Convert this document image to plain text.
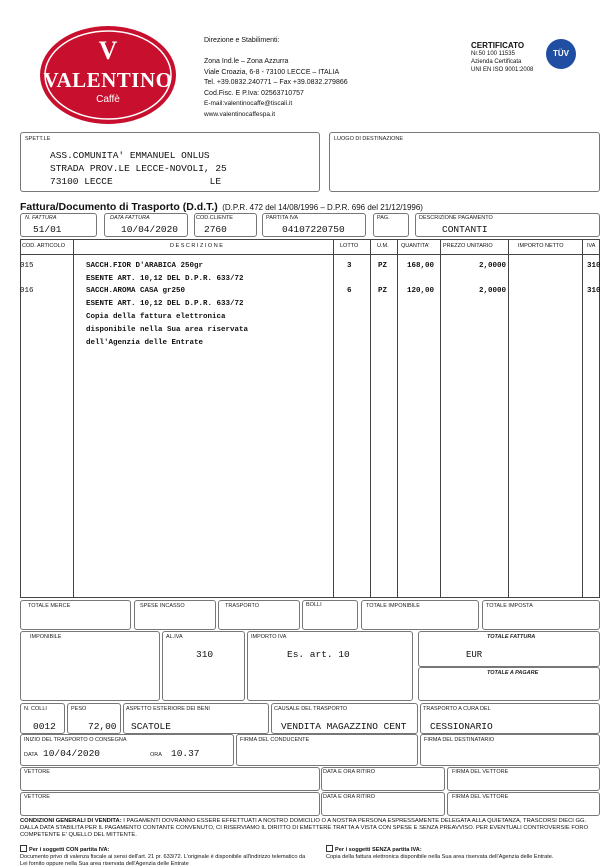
V
VALENTINO
Caffè
Direzione e Stabilimenti:
Zona Ind.le – Zona Azzurra
Viale Croazia, 6-8 - 73100 LECCE – ITALIA
Tel. +39.0832.240771 – Fax +39.0832.279866
Cod.Fisc. E P.Iva: 02563710757
E-mail:valentinocaffe@tiscali.it
www.valentinocaffespa.it
CERTIFICATO
Nr.50 100 11535
Azienda Certificata
UNI EN ISO 9001:2008
TÜV
SPETT.LE
ASS.COMUNITA' EMMANUEL ONLUS
STRADA PROV.LE LECCE-NOVOLI, 25
73100 LECCE                 LE
LUOGO DI DESTINAZIONE
Fattura/Documento di Trasporto (D.d.T.) (D.P.R. 472 del 14/08/1996 – D.P.R. 696 del 21/12/1996)
N. FATTURA
51/01
DATA FATTURA
10/04/2020
COD.CLIENTE
2760
PARTITA IVA
04107220750
PAG.	DESCRIZIONE PAGAMENTO
CONTANTI
COD. ARTICOLO	D E S C R I Z I O N E	LOTTO	U.M. QUANTITA' PREZZO UNITARIO	IMPORTO NETTO	IVA
015	SACCH.FIOR D'ARABICA 250gr	3	PZ	168,00	2,0000	310
ESENTE ART. 10,12 DEL D.P.R. 633/72
016	SACCH.AROMA CASA gr250	6	PZ	120,00	2,0000	310
ESENTE ART. 10,12 DEL D.P.R. 633/72
Copia della fattura elettronica
disponibile nella Sua area riservata
dell'Agenzia delle Entrate
TOTALE MERCE	SPESE INCASSO	TRASPORTO	BOLLI	TOTALE IMPONIBILE	TOTALE IMPOSTA
IMPONIBILE	AL.IVA
310
IMPORTO IVA
Es. art. 10
TOTALE FATTURA
EUR
TOTALE A PAGARE
N. COLLI
0012
PESO
72,00
ASPETTO ESTERIORE DEI BENI
SCATOLE
CAUSALE DEL TRASPORTO
VENDITA MAGAZZINO CENT
TRASPORTO A CURA DEL
CESSIONARIO
INIZIO DEL TRASPORTO O CONSEGNA
DATA 10/04/2020	ORA 10.37
FIRMA DEL CONDUCENTE	FIRMA DEL DESTINATARIO
VETTORE	DATA E ORA RITIRO	FIRMA DEL VETTORE
VETTORE	DATA E ORA RITIRO	FIRMA DEL VETTORE
CONDIZIONI GENERALI DI VENDITA: I PAGAMENTI DOVRANNO ESSERE EFFETTUATI A NOSTRO DOMICILIO O A NOSTRA PERSONA ESPRESSAMENTE DELEGATA ALLA QUIETANZA, TRASCORSI DIECI GG. DALLA DATA STABILITA PER IL PAGAMENTO CONTANTE CONVENUTO, CI RISERVIAMO IL DIRITTO DI EMETTERE TRATTA A VISTA CON SPESE E SENZA PREAVVISO. PER EVENTUALI CONTROVERSIE FORO COMPETENTE E' QUELLO DEL MITTENTE.
Per i soggetti CON partita IVA:
Documento privo di valenza fiscale ai sensi dell'art. 21 pr. 633/72. L'originale è disponibile all'indirizzo telematico da Lei fornito oppure nella Sua area riservata dell'Agenzia delle Entrate
Per i soggetti SENZA partita IVA:
Copia della fattura elettronica disponibile nella Sua area riservata dell'Agenzia delle Entrate.
